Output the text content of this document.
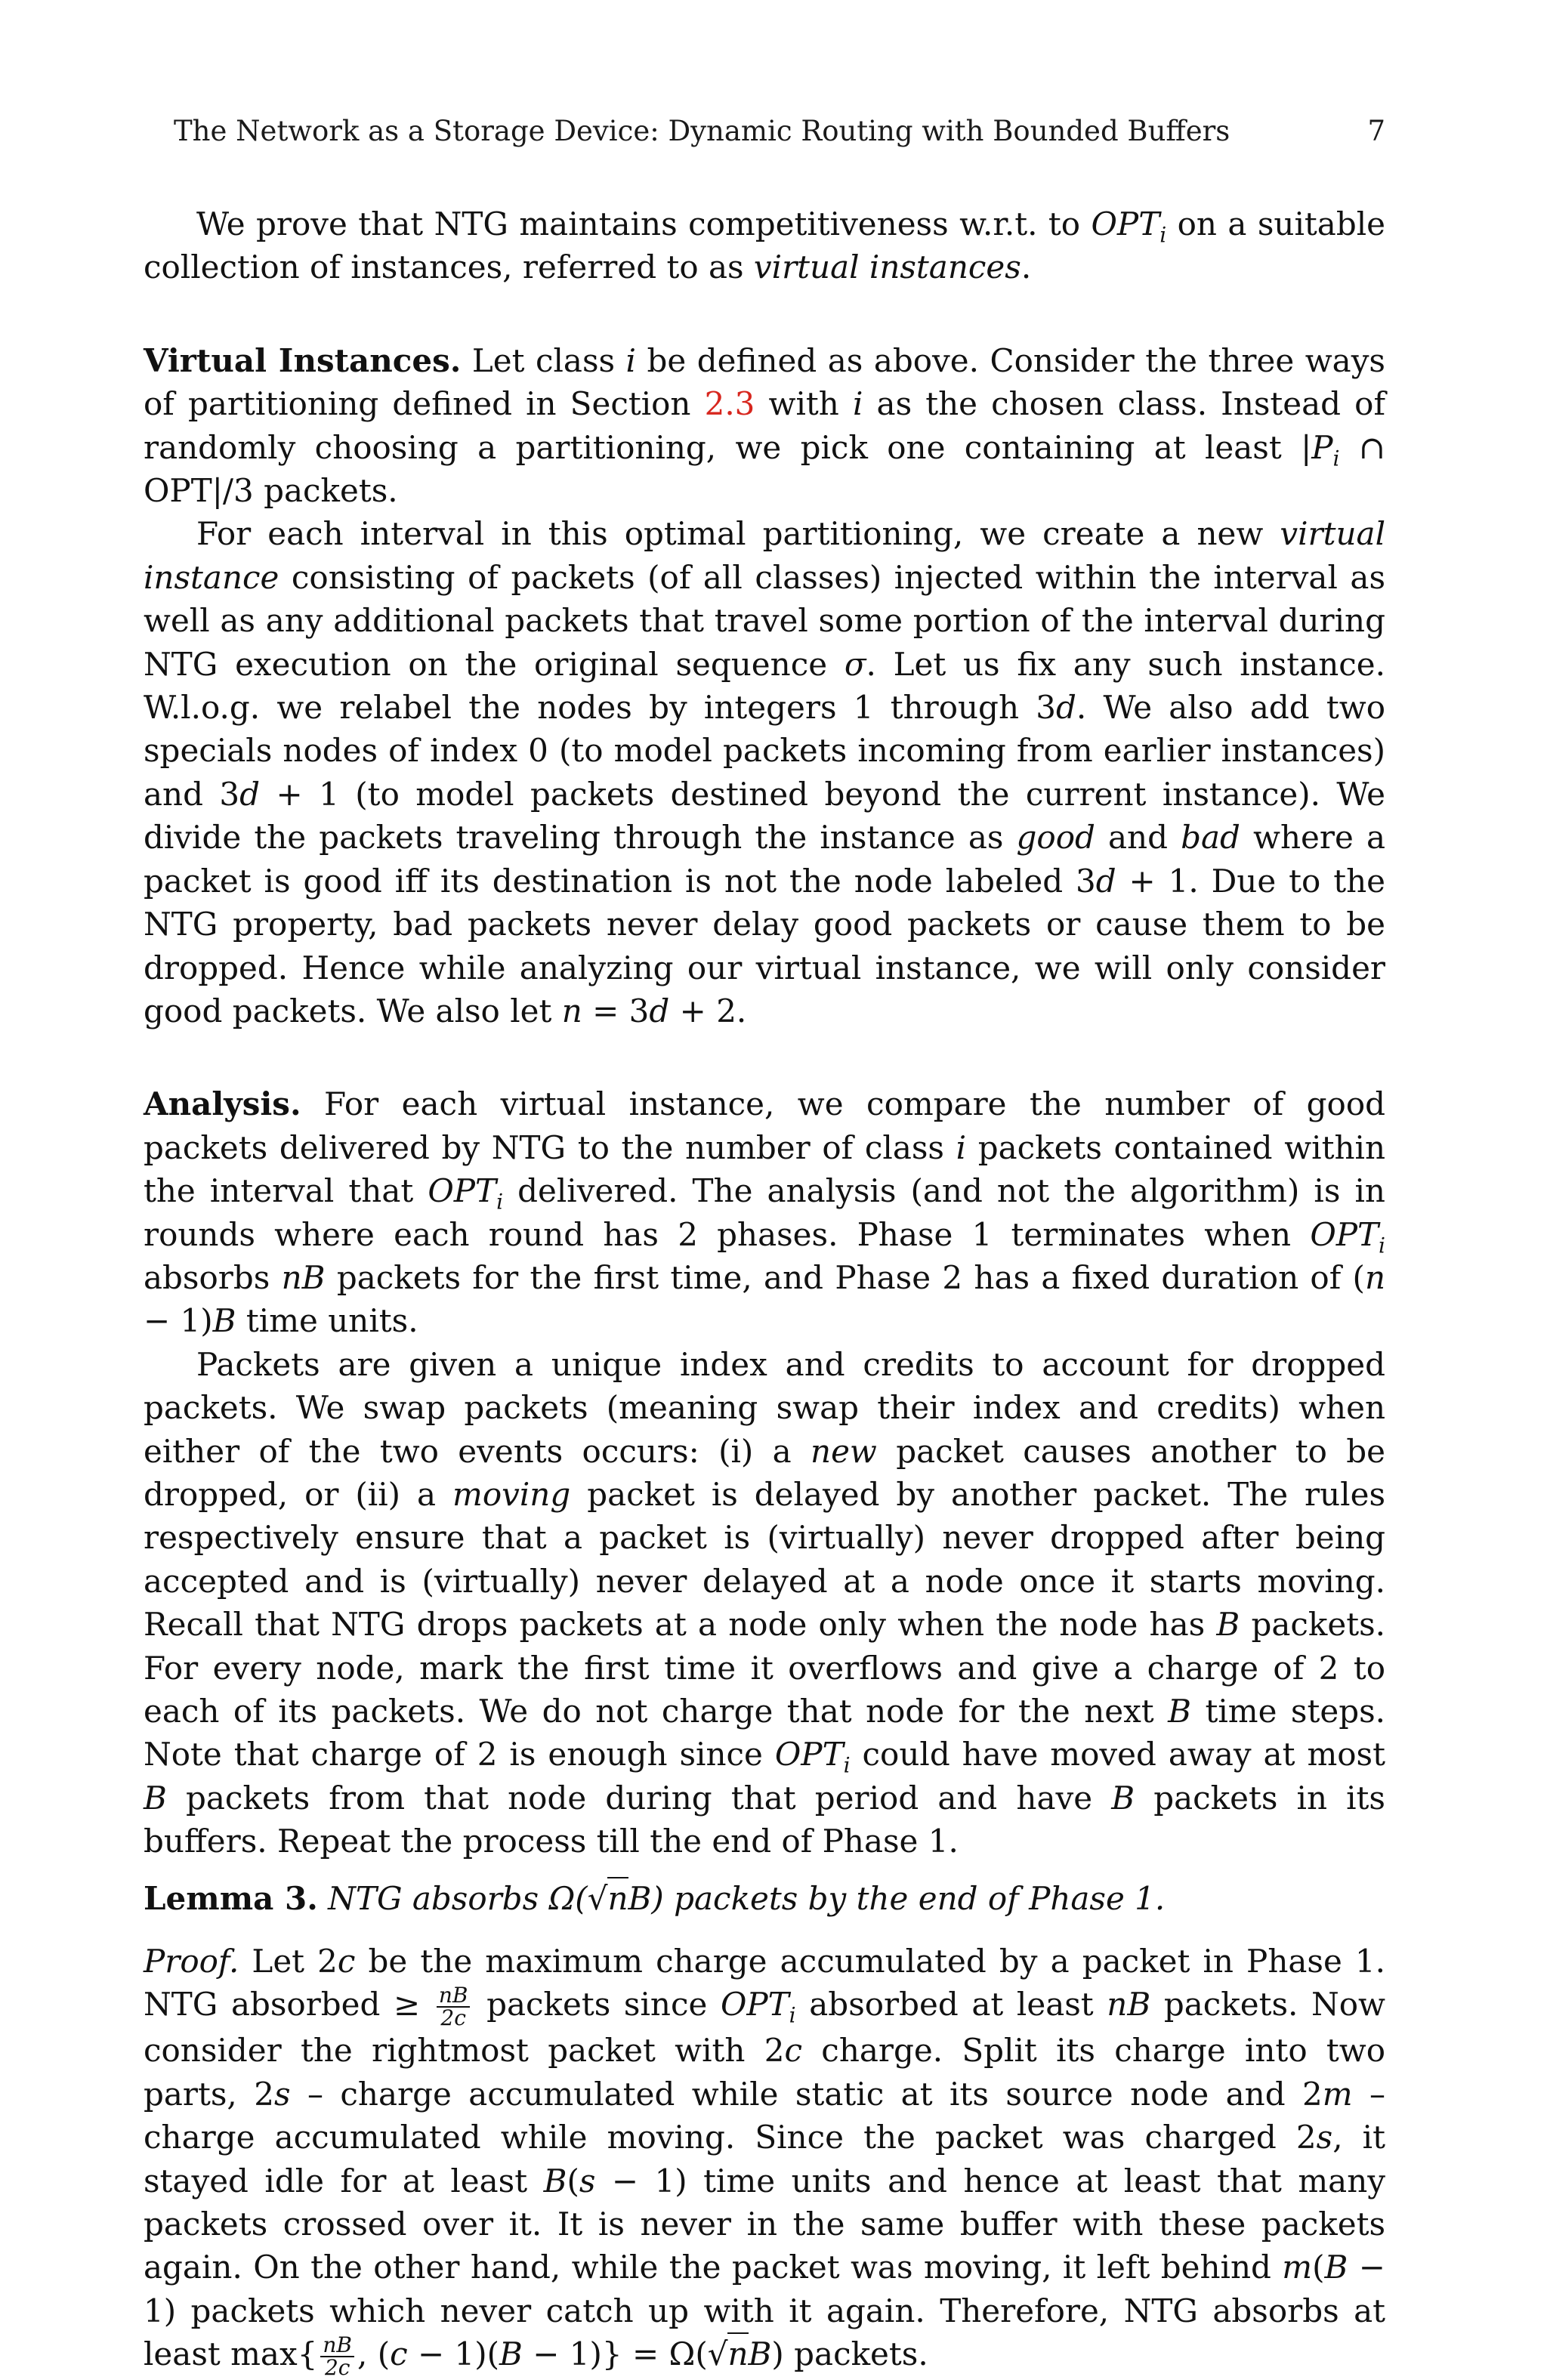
The Network as a Storage Device: Dynamic Routing with Bounded Buffers	7

We prove that NTG maintains competitiveness w.r.t. to $OPT_i$ on a suitable collection of instances, referred to as virtual instances.

Virtual Instances. Let class i be defined as above. Consider the three ways of partitioning defined in Section 2.3 with i as the chosen class. Instead of randomly choosing a partitioning, we pick one containing at least $|P_i$ ∩ OPT|/3 packets.

For each interval in this optimal partitioning, we create a new virtual instance consisting of packets (of all classes) injected within the interval as well as any additional packets that travel some portion of the interval during NTG execution on the original sequence σ. Let us fix any such instance. W.l.o.g. we relabel the nodes by integers 1 through 3d. We also add two specials nodes of index 0 (to model packets incoming from earlier instances) and 3d + 1 (to model packets destined beyond the current instance). We divide the packets traveling through the instance as good and bad where a packet is good iff its destination is not the node labeled 3d + 1. Due to the NTG property, bad packets never delay good packets or cause them to be dropped. Hence while analyzing our virtual instance, we will only consider good packets. We also let n = 3d + 2.

Analysis. For each virtual instance, we compare the number of good packets delivered by NTG to the number of class i packets contained within the interval that $OPT_i$ delivered. The analysis (and not the algorithm) is in rounds where each round has 2 phases. Phase 1 terminates when $OPT_i$ absorbs nB packets for the first time, and Phase 2 has a fixed duration of (n − 1)B time units.

Packets are given a unique index and credits to account for dropped packets. We swap packets (meaning swap their index and credits) when either of the two events occurs: (i) a new packet causes another to be dropped, or (ii) a moving packet is delayed by another packet. The rules respectively ensure that a packet is (virtually) never dropped after being accepted and is (virtually) never delayed at a node once it starts moving. Recall that NTG drops packets at a node only when the node has B packets. For every node, mark the first time it overflows and give a charge of 2 to each of its packets. We do not charge that node for the next B time steps. Note that charge of 2 is enough since $OPT_i$ could have moved away at most B packets from that node during that period and have B packets in its buffers. Repeat the process till the end of Phase 1.

Lemma 3. NTG absorbs Ω(√nB) packets by the end of Phase 1.

Proof. Let 2c be the maximum charge accumulated by a packet in Phase 1. NTG absorbed ≥ $\frac{nB}{2c}$ packets since $OPT_i$ absorbed at least nB packets. Now consider the rightmost packet with 2c charge. Split its charge into two parts, 2s – charge accumulated while static at its source node and 2m – charge accumulated while moving. Since the packet was charged 2s, it stayed idle for at least B(s − 1) time units and hence at least that many packets crossed over it. It is never in the same buffer with these packets again. On the other hand, while the packet was moving, it left behind m(B − 1) packets which never catch up with it again. Therefore, NTG absorbs at least $\max\{ \frac{nB}{2c}$ , (c − 1)(B − 1)} = Ω(√nB) packets.
